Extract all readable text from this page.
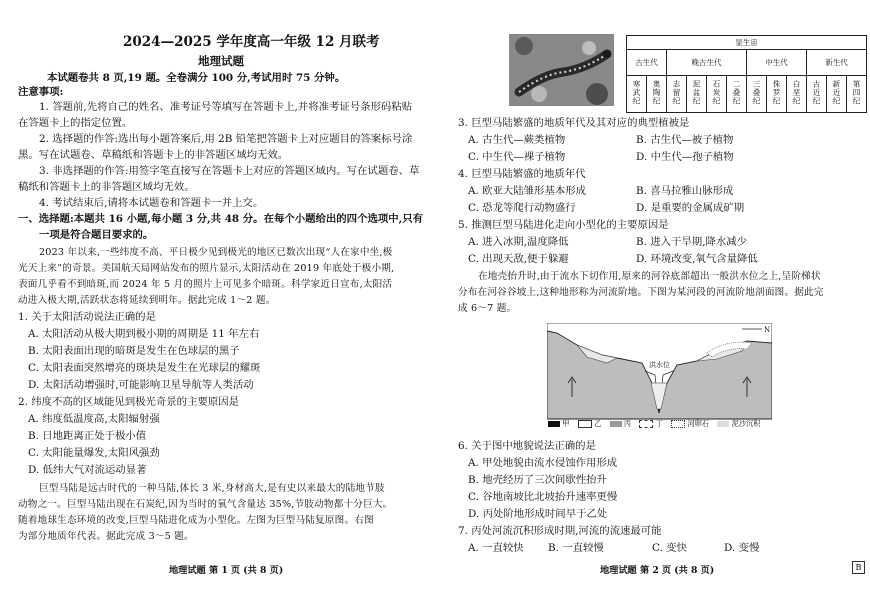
2024—2025 学年度高一年级 12 月联考
地理试题
本试题卷共 8 页,19 题。全卷满分 100 分,考试用时 75 分钟。
注意事项:
1. 答题前,先将自己的姓名、准考证号等填写在答题卡上,并将准考证号条形码粘贴
在答题卡上的指定位置。
2. 选择题的作答:选出每小题答案后,用 2B 铅笔把答题卡上对应题目的答案标号涂
黑。写在试题卷、草稿纸和答题卡上的非答题区域均无效。
3. 非选择题的作答:用签字笔直接写在答题卡上对应的答题区域内。写在试题卷、草
稿纸和答题卡上的非答题区域均无效。
4. 考试结束后,请将本试题卷和答题卡一并上交。
一、选择题:本题共 16 小题,每小题 3 分,共 48 分。在每个小题给出的四个选项中,只有
一项是符合题目要求的。
2023 年以来,一些纬度不高、平日极少见到极光的地区已数次出现“人在家中坐,极
光天上来”的奇景。美国航天局网站发布的照片显示,太阳活动在 2019 年底处于极小期,
表面几乎看不到暗斑,而 2024 年 5 月的照片上可见多个暗斑。科学家近日宣布,太阳活
动进入极大期,活跃状态将延续到明年。据此完成 1～2 题。
1. 关于太阳活动说法正确的是
A. 太阳活动从极大期到极小期的周期是 11 年左右
B. 太阳表面出现的暗斑是发生在色球层的黑子
C. 太阳表面突然增亮的斑块是发生在光球层的耀斑
D. 太阳活动增强时,可能影响卫星导航等人类活动
2. 纬度不高的区域能见到极光奇景的主要原因是
A. 纬度低温度高,太阳辐射强
B. 日地距离正处于极小值
C. 太阳能量爆发,太阳风强劲
D. 低纬大气对流运动显著
巨型马陆是远古时代的一种马陆,体长 3 米,身材高大,是有史以来最大的陆地节肢
动物之一。巨型马陆出现在石炭纪,因为当时的氧气含量达 35%,节肢动物都十分巨大。
随着地球生态环境的改变,巨型马陆进化成为小型化。左图为巨型马陆复原图。右图
为部分地质年代表。据此完成 3～5 题。
地理试题 第 1 页 (共 8 页)
显生宙											
古生代		晚古生代				中生代			新生代		
寒武纪	奥陶纪	志留纪	泥盆纪	石炭纪	二叠纪	三叠纪	侏罗纪	白垩纪	古近纪	新近纪	第四纪
3. 巨型马陆繁盛的地质年代及其对应的典型植被是
A. 古生代—蕨类植物	B. 古生代—被子植物
C. 中生代—裸子植物	D. 中生代—孢子植物
4. 巨型马陆繁盛的地质年代
A. 欧亚大陆雏形基本形成	B. 喜马拉雅山脉形成
C. 恐龙等爬行动物盛行	D. 是重要的金属成矿期
5. 推测巨型马陆进化走向小型化的主要原因是
A. 进入冰期,温度降低	B. 进入干旱期,降水减少
C. 出现天敌,便于躲避	D. 环境改变,氧气含量降低
在地壳抬升时,由于流水下切作用,原来的河谷底部超出一般洪水位之上,呈阶梯状
分布在河谷谷坡上,这种地形称为河流阶地。下图为某河段的河流阶地剖面图。据此完
成 6～7 题。
洪水位
N
甲	乙	丙	丁	河卵石	泥沙沉积
6. 关于图中地貌说法正确的是
A. 甲处地貌由流水侵蚀作用形成
B. 地壳经历了三次间歇性抬升
C. 谷地南坡比北坡抬升速率更慢
D. 丙处阶地形成时间早于乙处
7. 丙处河流沉积形成时期,河流的流速最可能
A. 一直较快 B. 一直较慢	C. 变快	D. 变慢
地理试题 第 2 页 (共 8 页)	B
